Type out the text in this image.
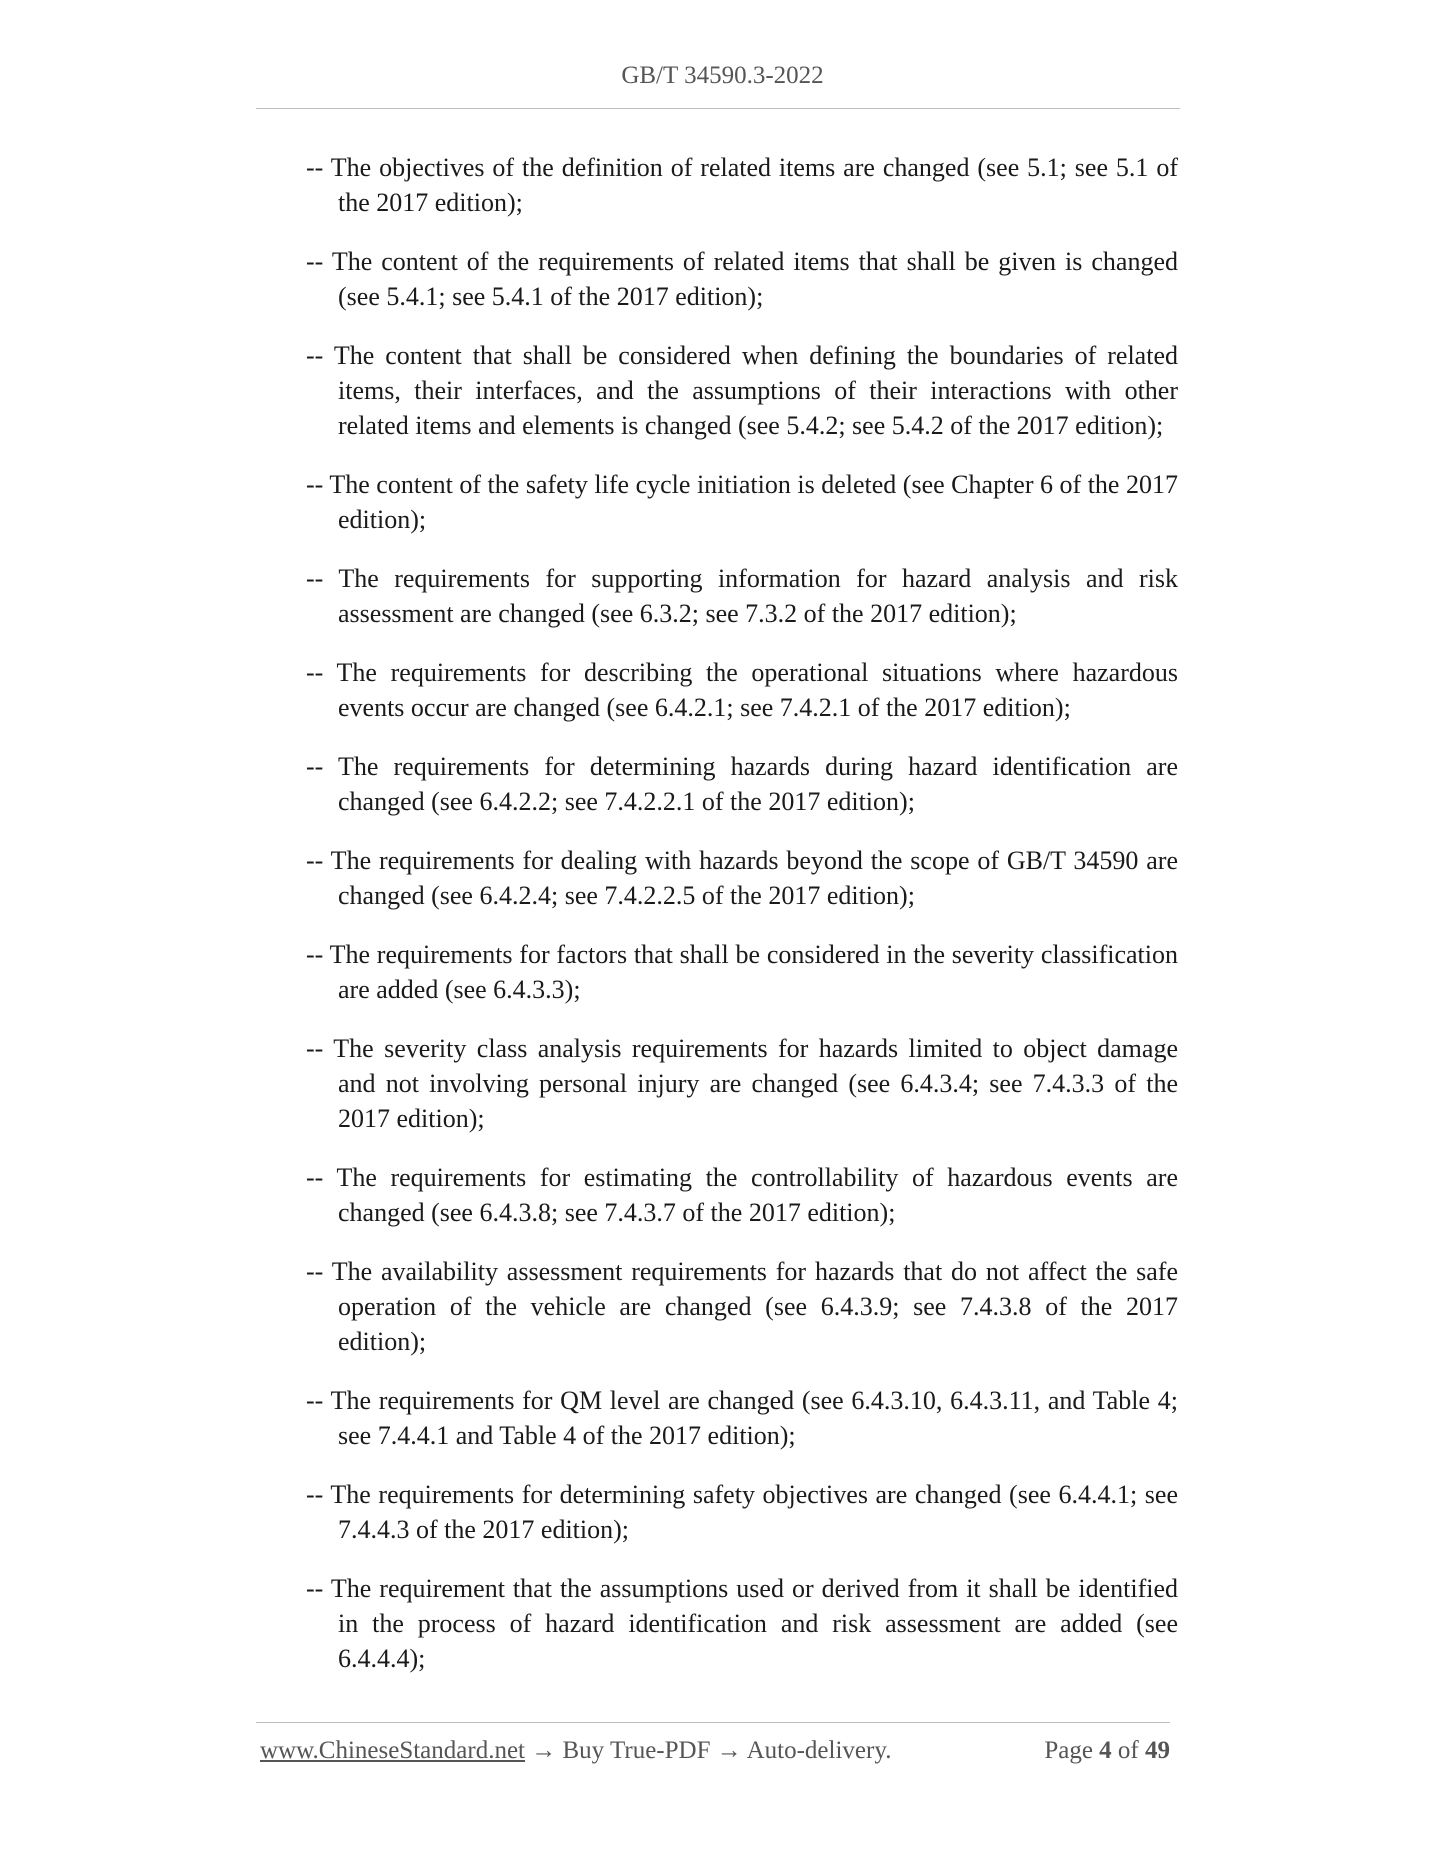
GB/T 34590.3-2022

-- The objectives of the definition of related items are changed (see 5.1; see 5.1 of the 2017 edition);

-- The content of the requirements of related items that shall be given is changed (see 5.4.1; see 5.4.1 of the 2017 edition);

-- The content that shall be considered when defining the boundaries of related items, their interfaces, and the assumptions of their interactions with other related items and elements is changed (see 5.4.2; see 5.4.2 of the 2017 edition);

-- The content of the safety life cycle initiation is deleted (see Chapter 6 of the 2017 edition);

-- The requirements for supporting information for hazard analysis and risk assessment are changed (see 6.3.2; see 7.3.2 of the 2017 edition);

-- The requirements for describing the operational situations where hazardous events occur are changed (see 6.4.2.1; see 7.4.2.1 of the 2017 edition);

-- The requirements for determining hazards during hazard identification are changed (see 6.4.2.2; see 7.4.2.2.1 of the 2017 edition);

-- The requirements for dealing with hazards beyond the scope of GB/T 34590 are changed (see 6.4.2.4; see 7.4.2.2.5 of the 2017 edition);

-- The requirements for factors that shall be considered in the severity classification are added (see 6.4.3.3);

-- The severity class analysis requirements for hazards limited to object damage and not involving personal injury are changed (see 6.4.3.4; see 7.4.3.3 of the 2017 edition);

-- The requirements for estimating the controllability of hazardous events are changed (see 6.4.3.8; see 7.4.3.7 of the 2017 edition);

-- The availability assessment requirements for hazards that do not affect the safe operation of the vehicle are changed (see 6.4.3.9; see 7.4.3.8 of the 2017 edition);

-- The requirements for QM level are changed (see 6.4.3.10, 6.4.3.11, and Table 4; see 7.4.4.1 and Table 4 of the 2017 edition);

-- The requirements for determining safety objectives are changed (see 6.4.4.1; see 7.4.4.3 of the 2017 edition);

-- The requirement that the assumptions used or derived from it shall be identified in the process of hazard identification and risk assessment are added (see 6.4.4.4);

www.ChineseStandard.net → Buy True-PDF → Auto-delivery.	Page 4 of 49
